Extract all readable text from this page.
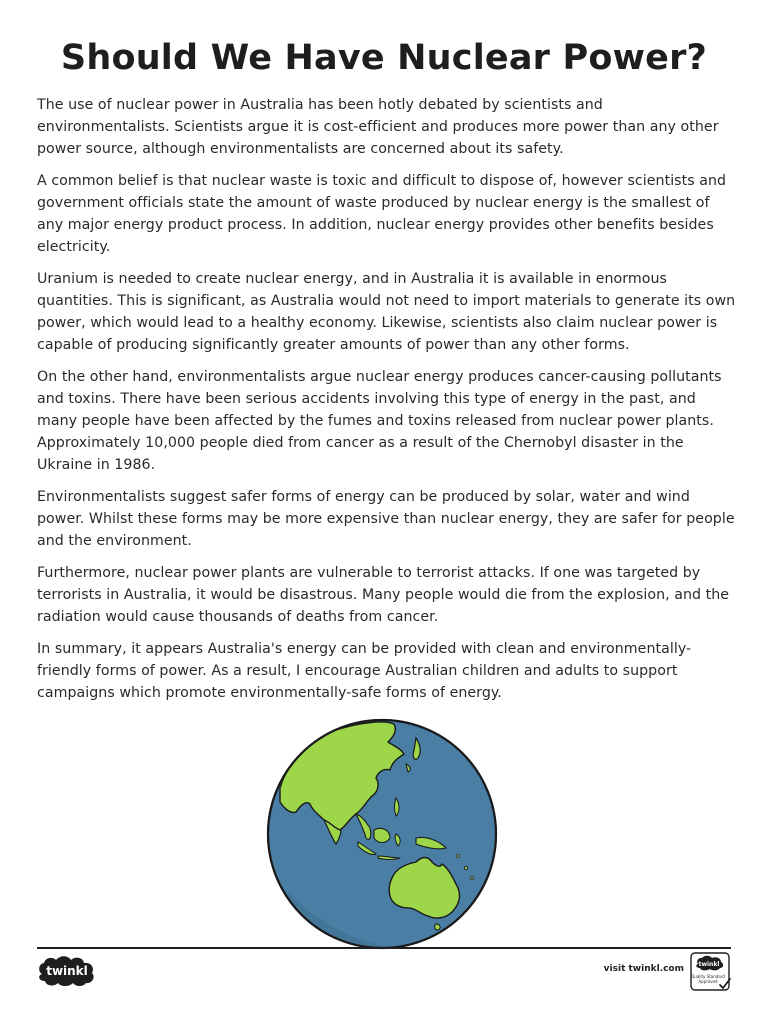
Should We Have Nuclear Power?

The use of nuclear power in Australia has been hotly debated by scientists and environmentalists. Scientists argue it is cost-efficient and produces more power than any other power source, although environmentalists are concerned about its safety.

A common belief is that nuclear waste is toxic and difficult to dispose of, however scientists and government officials state the amount of waste produced by nuclear energy is the smallest of any major energy product process. In addition, nuclear energy provides other benefits besides electricity.

Uranium is needed to create nuclear energy, and in Australia it is available in enormous quantities. This is significant, as Australia would not need to import materials to generate its own power, which would lead to a healthy economy. Likewise, scientists also claim nuclear power is capable of producing significantly greater amounts of power than any other forms.

On the other hand, environmentalists argue nuclear energy produces cancer-causing pollutants and toxins. There have been serious accidents involving this type of energy in the past, and many people have been affected by the fumes and toxins released from nuclear power plants. Approximately 10,000 people died from cancer as a result of the Chernobyl disaster in the Ukraine in 1986.

Environmentalists suggest safer forms of energy can be produced by solar, water and wind power. Whilst these forms may be more expensive than nuclear energy, they are safer for people and the environment.

Furthermore, nuclear power plants are vulnerable to terrorist attacks. If one was targeted by terrorists in Australia, it would be disastrous. Many people would die from the explosion, and the radiation would cause thousands of deaths from cancer.

In summary, it appears Australia's energy can be provided with clean and environmentally-friendly forms of power. As a result, I encourage Australian children and adults to support campaigns which promote environmentally-safe forms of energy.

twinkl	visit twinkl.com twinkl
Quality Standard
Approved
